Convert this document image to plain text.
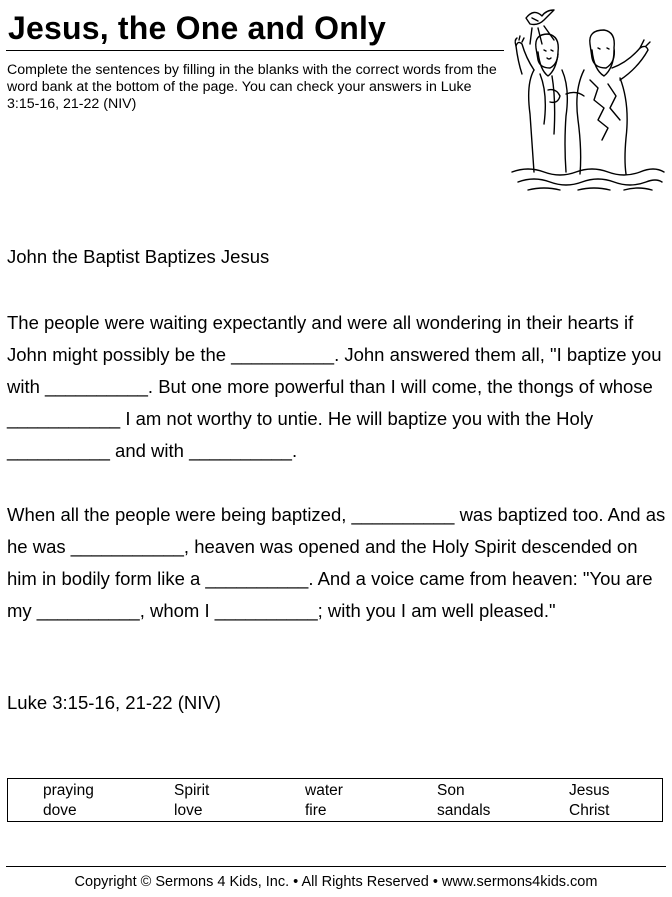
Jesus, the One and Only
Complete the sentences by filling in the blanks with the correct words from the word bank at the bottom of the page. You can check your answers in Luke 3:15-16, 21-22 (NIV)
John the Baptist Baptizes Jesus
The people were waiting expectantly and were all wondering in their hearts if John might possibly be the __________. John answered them all, "I baptize you with __________. But one more powerful than I will come, the thongs of whose ___________ I am not worthy to untie. He will baptize you with the Holy __________ and with __________.
When all the people were being baptized, __________ was baptized too. And as he was ___________, heaven was opened and the Holy Spirit descended on him in bodily form like a __________. And a voice came from heaven: "You are my __________, whom I __________; with you I am well pleased."
Luke 3:15-16, 21-22 (NIV)
praying
dove
Spirit
love
water
fire
Son
sandals
Jesus
Christ
Copyright © Sermons 4 Kids, Inc. • All Rights Reserved • www.sermons4kids.com
